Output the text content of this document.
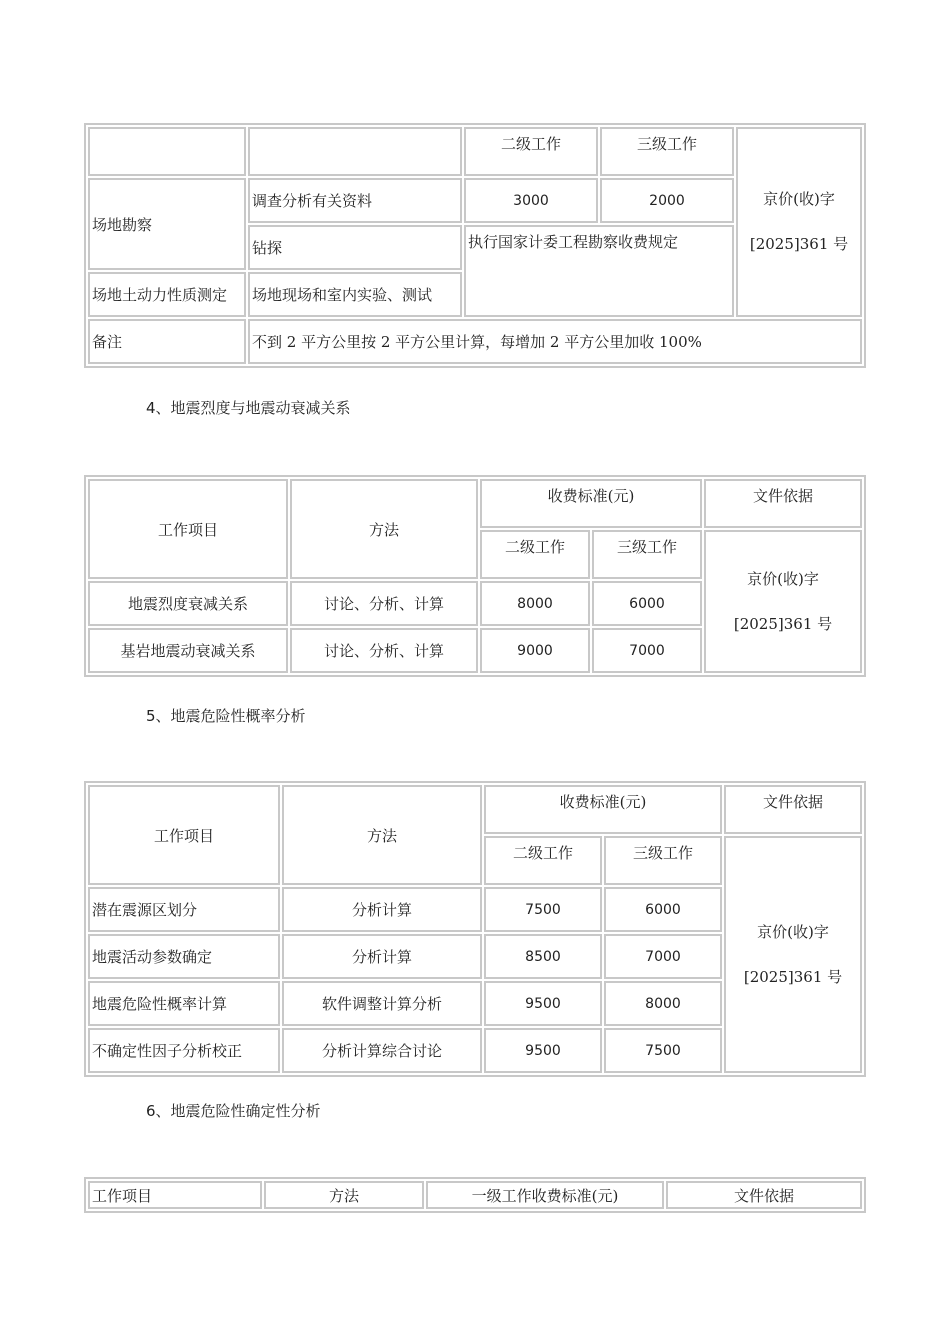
		二级工作	三级工作	京价(收)字
[2025]361 号

场地勘察	调查分析有关资料	3000	2000	
	钻探	执行国家计委工程勘察收费规定		
场地土动力性质测定	场地现场和室内实验、测试			
备注	不到 2 平方公里按 2 平方公里计算，每增加 2 平方公里加收 100%			

4、地震烈度与地震动衰减关系

工作项目	方法	收费标准(元)		文件依据
		二级工作	三级工作	京价(收)字
[2025]361 号

地震烈度衰减关系	讨论、分析、计算	8000	6000	
基岩地震动衰减关系	讨论、分析、计算	9000	7000	

5、地震危险性概率分析

工作项目	方法	收费标准(元)		文件依据
		二级工作	三级工作	京价(收)字
[2025]361 号

潜在震源区划分	分析计算	7500	6000	
地震活动参数确定	分析计算	8500	7000	
地震危险性概率计算	软件调整计算分析	9500	8000	
不确定性因子分析校正	分析计算综合讨论	9500	7500	

6、地震危险性确定性分析

工作项目	方法	一级工作收费标准(元)	文件依据
